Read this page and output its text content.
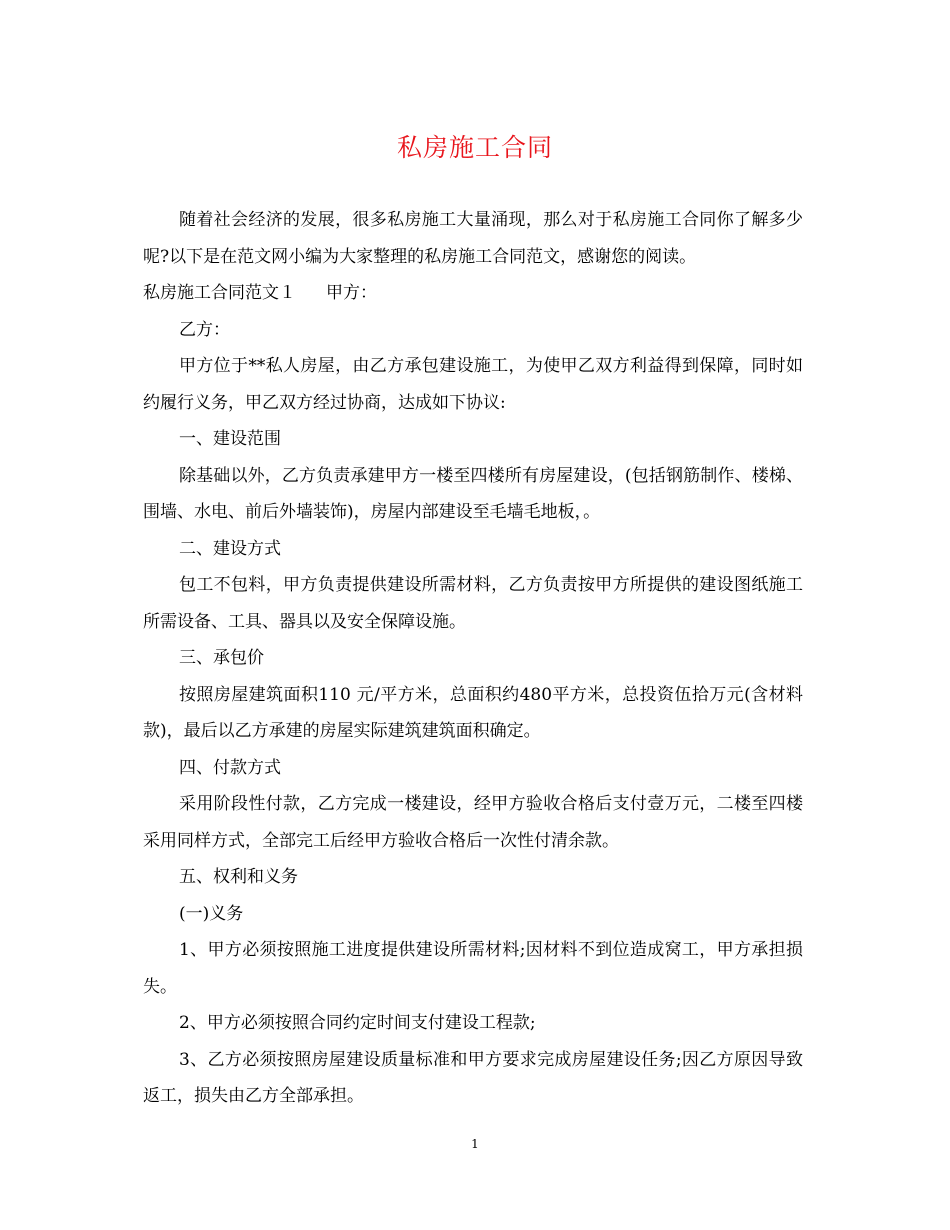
私房施工合同

随着社会经济的发展，很多私房施工大量涌现，那么对于私房施工合同你了解多少呢?以下是在范文网小编为大家整理的私房施工合同范文，感谢您的阅读。

私房施工合同范文１ 甲方：

乙方：

甲方位于**私人房屋，由乙方承包建设施工，为使甲乙双方利益得到保障，同时如约履行义务，甲乙双方经过协商，达成如下协议:

一、建设范围

除基础以外，乙方负责承建甲方一楼至四楼所有房屋建设，(包括钢筋制作、楼梯、围墙、水电、前后外墙装饰)，房屋内部建设至毛墙毛地板，。

二、建设方式

包工不包料，甲方负责提供建设所需材料，乙方负责按甲方所提供的建设图纸施工所需设备、工具、器具以及安全保障设施。

三、承包价

按照房屋建筑面积110 元/平方米，总面积约480平方米，总投资伍拾万元(含材料款)，最后以乙方承建的房屋实际建筑建筑面积确定。

四、付款方式

采用阶段性付款，乙方完成一楼建设，经甲方验收合格后支付壹万元，二楼至四楼采用同样方式，全部完工后经甲方验收合格后一次性付清余款。

五、权利和义务

(一)义务

1、甲方必须按照施工进度提供建设所需材料;因材料不到位造成窝工，甲方承担损失。

2、甲方必须按照合同约定时间支付建设工程款;

3、乙方必须按照房屋建设质量标准和甲方要求完成房屋建设任务;因乙方原因导致返工，损失由乙方全部承担。

1
